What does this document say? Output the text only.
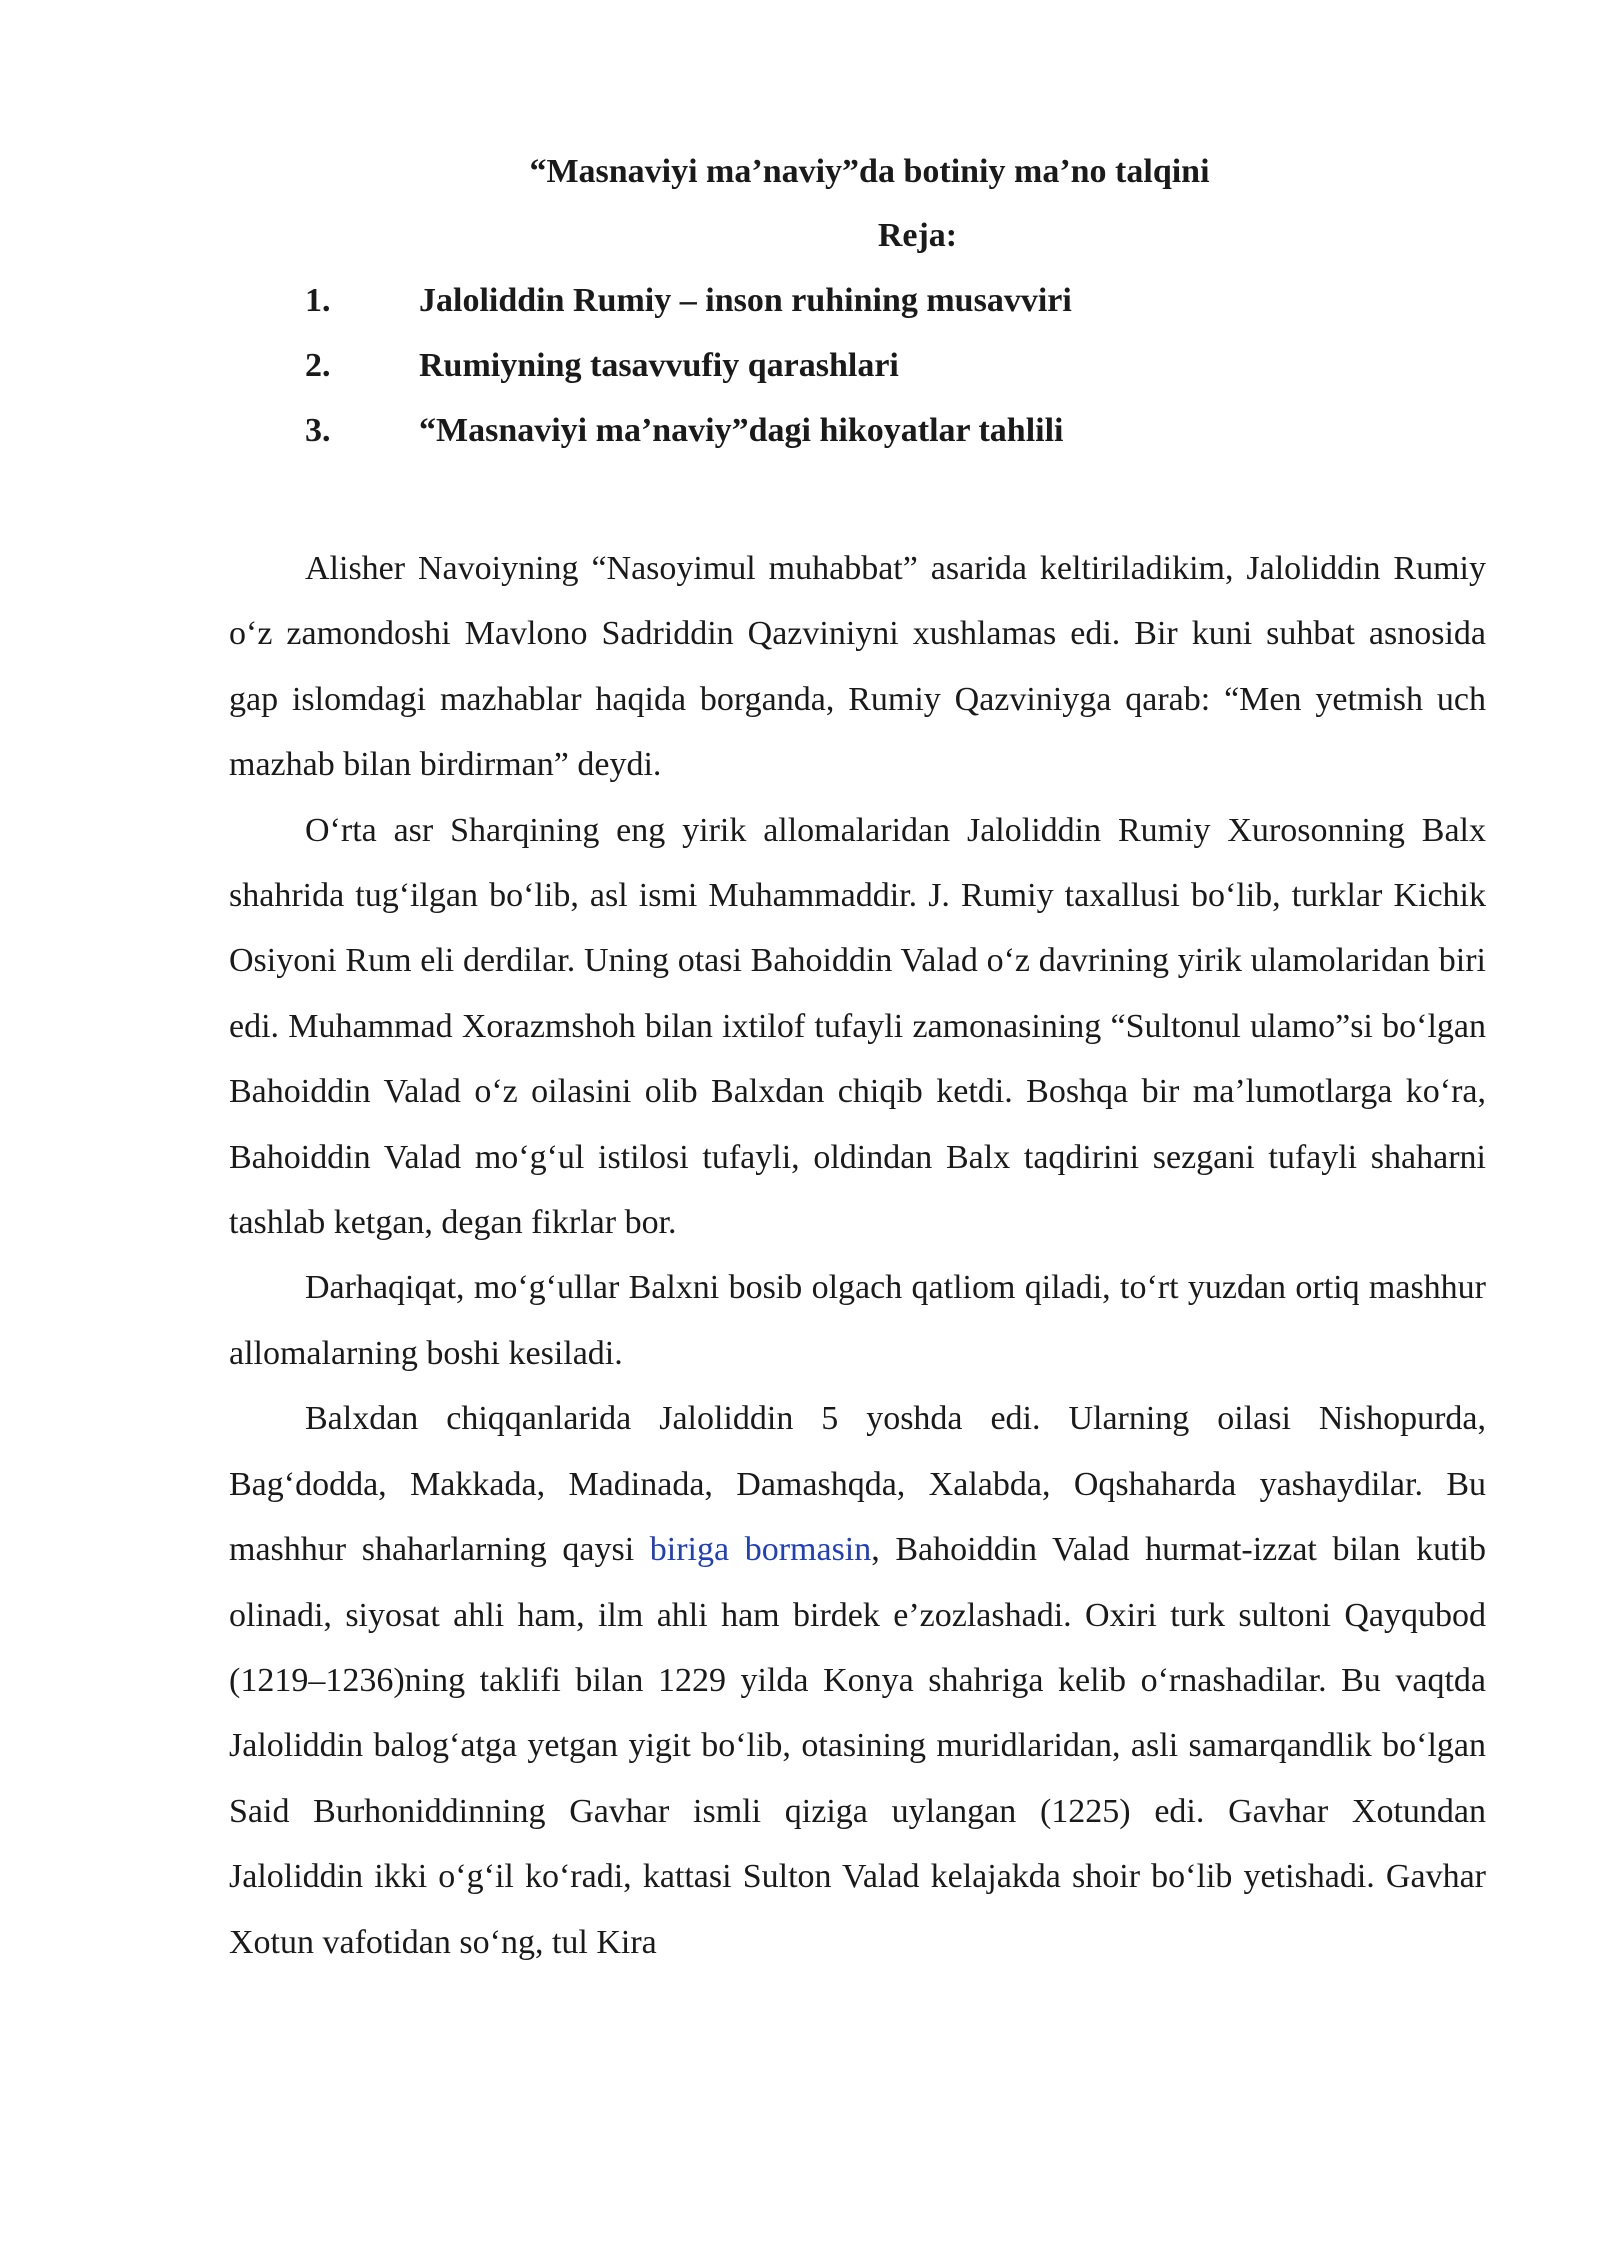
“Masnaviyi ma’naviy”da botiniy ma’no talqini

Reja:

1.	Jaloliddin Rumiy – inson ruhining musavviri
2.	Rumiyning tasavvufiy qarashlari
3.	“Masnaviyi ma’naviy”dagi hikoyatlar tahlili

Alisher Navoiyning “Nasoyimul muhabbat” asarida keltiriladikim, Jaloliddin Rumiy o‘z zamondoshi Mavlono Sadriddin Qazviniyni xushlamas edi. Bir kuni suhbat asnosida gap islomdagi mazhablar haqida borganda, Rumiy Qazviniyga qarab: “Men yetmish uch mazhab bilan birdirman” deydi.

O‘rta asr Sharqining eng yirik allomalaridan Jaloliddin Rumiy Xurosonning Balx shahrida tug‘ilgan bo‘lib, asl ismi Muhammaddir. J. Rumiy taxallusi bo‘lib, turklar Kichik Osiyoni Rum eli derdilar. Uning otasi Bahoiddin Valad o‘z davrining yirik ulamolaridan biri edi. Muhammad Xorazmshoh bilan ixtilof tufayli zamonasining “Sultonul ulamo”si bo‘lgan Bahoiddin Valad o‘z oilasini olib Balxdan chiqib ketdi. Boshqa bir ma’lumotlarga ko‘ra, Bahoiddin Valad mo‘g‘ul istilosi tufayli, oldindan Balx taqdirini sezgani tufayli shaharni tashlab ketgan, degan fikrlar bor.

Darhaqiqat, mo‘g‘ullar Balxni bosib olgach qatliom qiladi, to‘rt yuzdan ortiq mashhur allomalarning boshi kesiladi.

Balxdan chiqqanlarida Jaloliddin 5 yoshda edi. Ularning oilasi Nishopurda, Bag‘dodda, Makkada, Madinada, Damashqda, Xalabda, Oqshaharda yashaydilar. Bu mashhur shaharlarning qaysi biriga bormasin, Bahoiddin Valad hurmat-izzat bilan kutib olinadi, siyosat ahli ham, ilm ahli ham birdek e’zozlashadi. Oxiri turk sultoni Qayqubod (1219–1236)ning taklifi bilan 1229 yilda Konya shahriga kelib o‘rnashadilar. Bu vaqtda Jaloliddin balog‘atga yetgan yigit bo‘lib, otasining muridlaridan, asli samarqandlik bo‘lgan Said Burhoniddinning Gavhar ismli qiziga uylangan (1225) edi. Gavhar Xotundan Jaloliddin ikki o‘g‘il ko‘radi, kattasi Sulton Valad kelajakda shoir bo‘lib yetishadi. Gavhar Xotun vafotidan so‘ng, tul Kira
